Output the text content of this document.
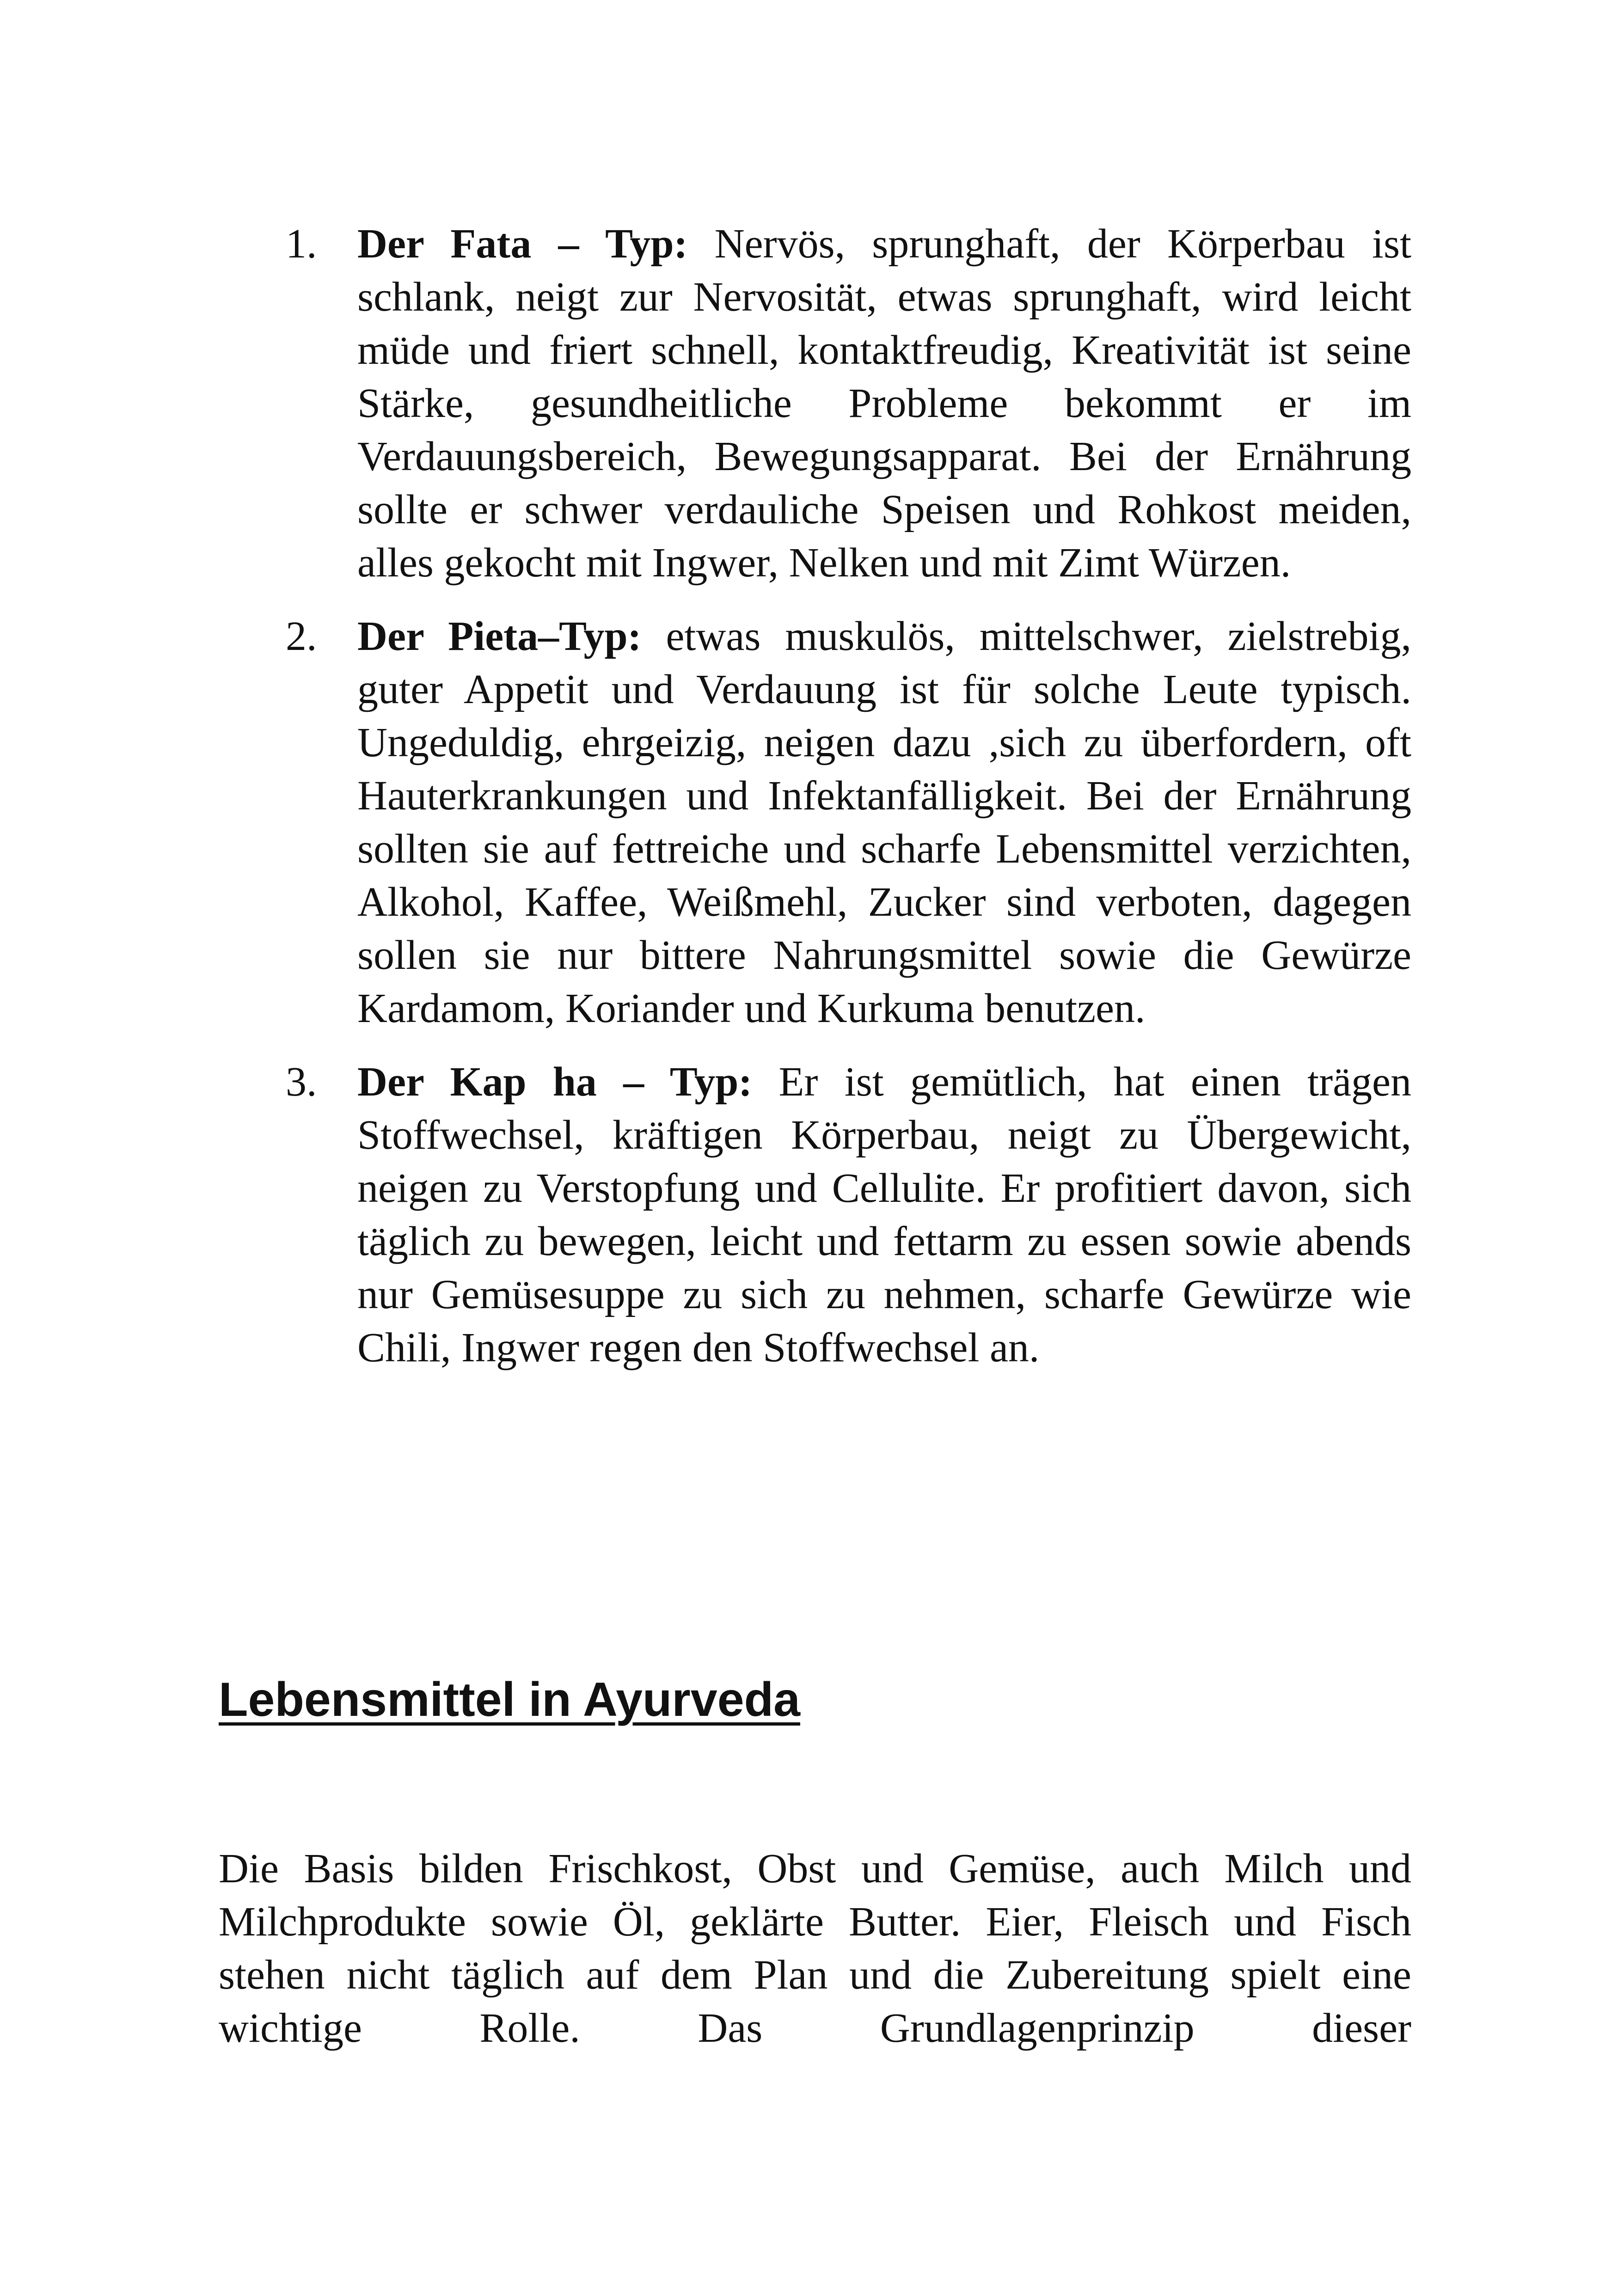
1. Der Fata – Typ: Nervös, sprunghaft, der Körperbau ist schlank, neigt zur Nervosität, etwas sprunghaft, wird leicht müde und friert schnell, kontaktfreudig, Kreativität ist seine Stärke, gesundheitliche Probleme bekommt er im Verdauungsbereich, Bewegungsapparat. Bei der Ernährung sollte er schwer verdauliche Speisen und Rohkost meiden, alles gekocht mit Ingwer, Nelken und mit Zimt Würzen.
2. Der Pieta–Typ: etwas muskulös, mittelschwer, zielstrebig, guter Appetit und Verdauung ist für solche Leute typisch. Ungeduldig, ehrgeizig, neigen dazu ,sich zu überfordern, oft Hauterkrankungen und Infektanfälligkeit. Bei der Ernährung sollten sie auf fettreiche und scharfe Lebensmittel verzichten, Alkohol, Kaffee, Weißmehl, Zucker sind verboten, dagegen sollen sie nur bittere Nahrungsmittel sowie die Gewürze Kardamom, Koriander und Kurkuma benutzen.
3. Der Kap ha – Typ: Er ist gemütlich, hat einen trägen Stoffwechsel, kräftigen Körperbau, neigt zu Übergewicht, neigen zu Verstopfung und Cellulite. Er profitiert davon, sich täglich zu bewegen, leicht und fettarm zu essen sowie abends nur Gemüsesuppe zu sich zu nehmen, scharfe Gewürze wie Chili, Ingwer regen den Stoffwechsel an.
Lebensmittel in Ayurveda

Die Basis bilden Frischkost, Obst und Gemüse, auch Milch und Milchprodukte sowie Öl, geklärte Butter. Eier, Fleisch und Fisch stehen nicht täglich auf dem Plan und die Zubereitung spielt eine wichtige Rolle. Das Grundlagenprinzip dieser
